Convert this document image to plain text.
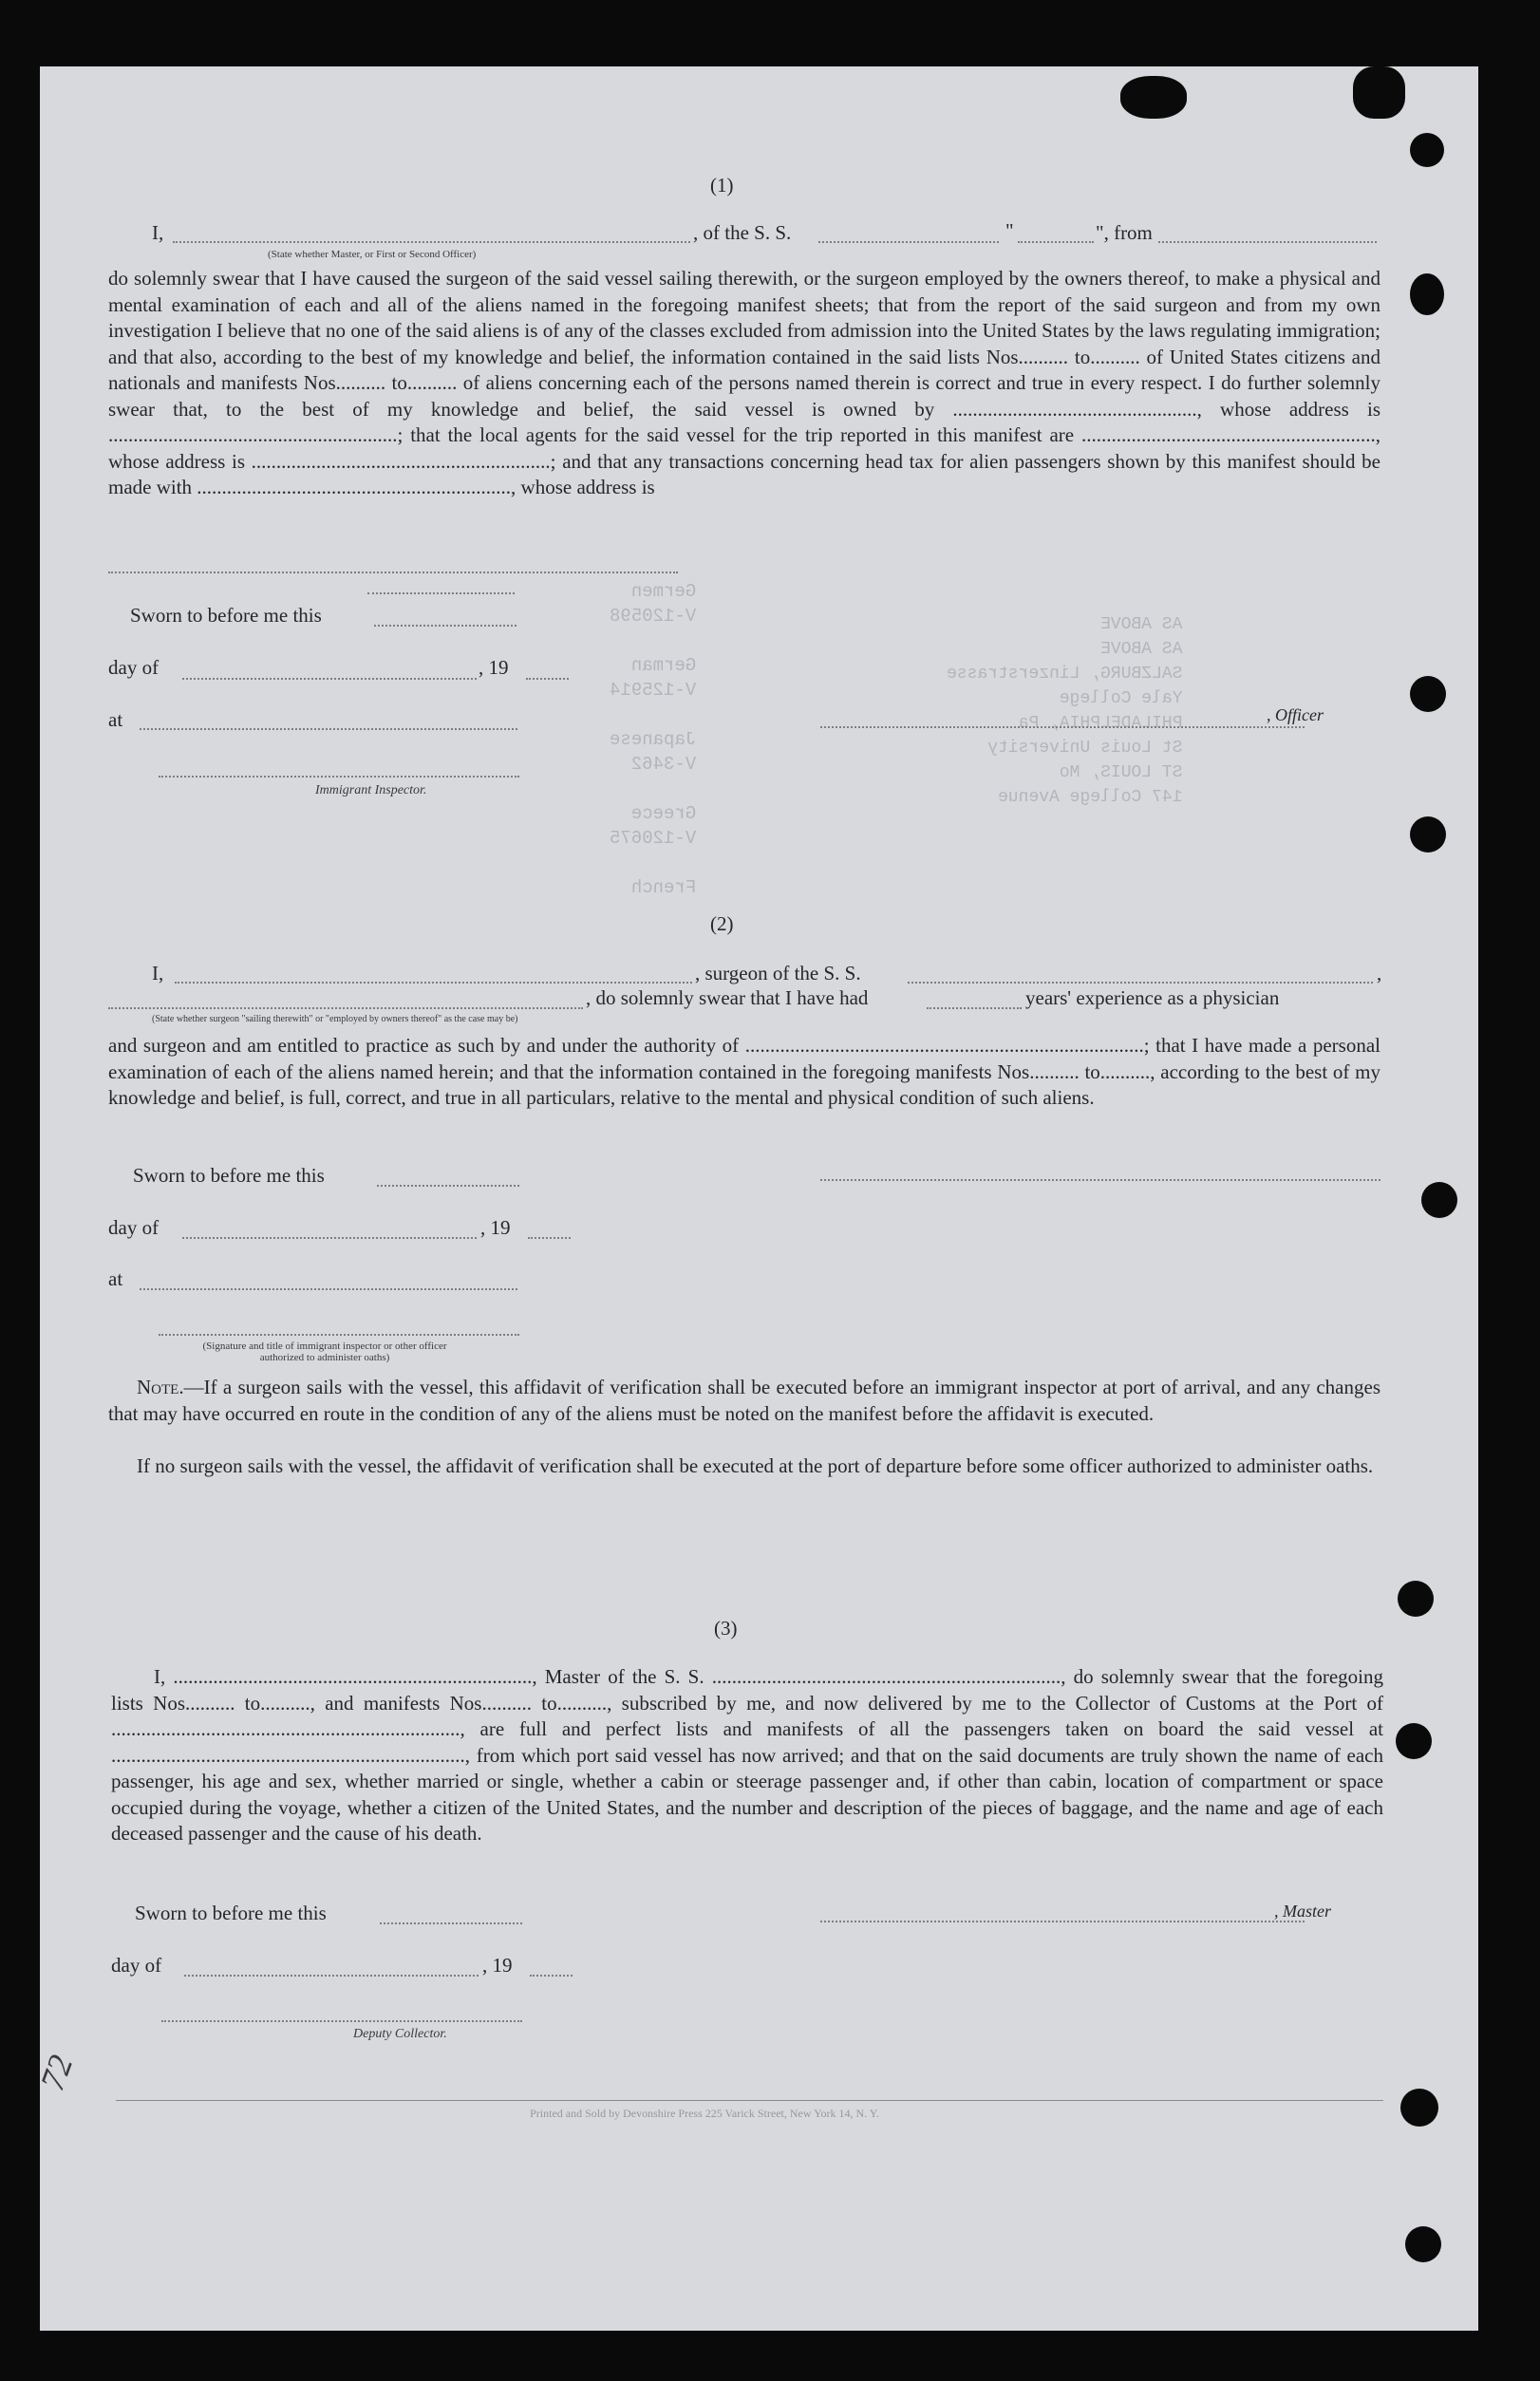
Germen
V-120598

German
V-125914

Japanese
V-3462

Greece
V-120675

French
AS ABOVE
AS ABOVE
SALZBURG, Linzerstrasse
Yale College
PHILADELPHIA, Pa
St Louis University
ST LOUIS, Mo
147 College Avenue

(1)

I,	, of the S. S.	"	", from

(State whether Master, or First or Second Officer)

do solemnly swear that I have caused the surgeon of the said vessel sailing therewith, or the surgeon employed by the owners thereof, to make a physical and mental examination of each and all of the aliens named in the foregoing manifest sheets; that from the report of the said surgeon and from my own investigation I believe that no one of the said aliens is of any of the classes excluded from admission into the United States by the laws regulating immigration; and that also, according to the best of my knowledge and belief, the information contained in the said lists Nos.......... to.......... of United States citizens and nationals and manifests Nos.......... to.......... of aliens concerning each of the persons named therein is correct and true in every respect. I do further solemnly swear that, to the best of my knowledge and belief, the said vessel is owned by ................................................., whose address is ..........................................................; that the local agents for the said vessel for the trip reported in this manifest are ..........................................................., whose address is ............................................................; and that any transactions concerning head tax for alien passengers shown by this manifest should be made with ..............................................................., whose address is

Sworn to before me this

day of	, 19

at

Immigrant Inspector.

, Officer

(2)

I,	, surgeon of the S. S.	,

, do solemnly swear that I have had	years' experience as a physician

(State whether surgeon "sailing therewith" or "employed by owners thereof" as the case may be)

and surgeon and am entitled to practice as such by and under the authority of ................................................................................; that I have made a personal examination of each of the aliens named herein; and that the information contained in the foregoing manifests Nos.......... to.........., according to the best of my knowledge and belief, is full, correct, and true in all particulars, relative to the mental and physical condition of such aliens.

Sworn to before me this

day of	, 19

at

(Signature and title of immigrant inspector or other officer authorized to administer oaths)

Note.—If a surgeon sails with the vessel, this affidavit of verification shall be executed before an immigrant inspector at port of arrival, and any changes that may have occurred en route in the condition of any of the aliens must be noted on the manifest before the affidavit is executed.

If no surgeon sails with the vessel, the affidavit of verification shall be executed at the port of departure before some officer authorized to administer oaths.

(3)

I, ........................................................................, Master of the S. S. ......................................................................, do solemnly swear that the foregoing lists Nos.......... to.........., and manifests Nos.......... to.........., subscribed by me, and now delivered by me to the Collector of Customs at the Port of ......................................................................, are full and perfect lists and manifests of all the passengers taken on board the said vessel at ......................................................................., from which port said vessel has now arrived; and that on the said documents are truly shown the name of each passenger, his age and sex, whether married or single, whether a cabin or steerage passenger and, if other than cabin, location of compartment or space occupied during the voyage, whether a citizen of the United States, and the number and description of the pieces of baggage, and the name and age of each deceased passenger and the cause of his death.

Sworn to before me this	, Master

day of	, 19

Deputy Collector.

Printed and Sold by Devonshire Press 225 Varick Street, New York 14, N. Y.

72
